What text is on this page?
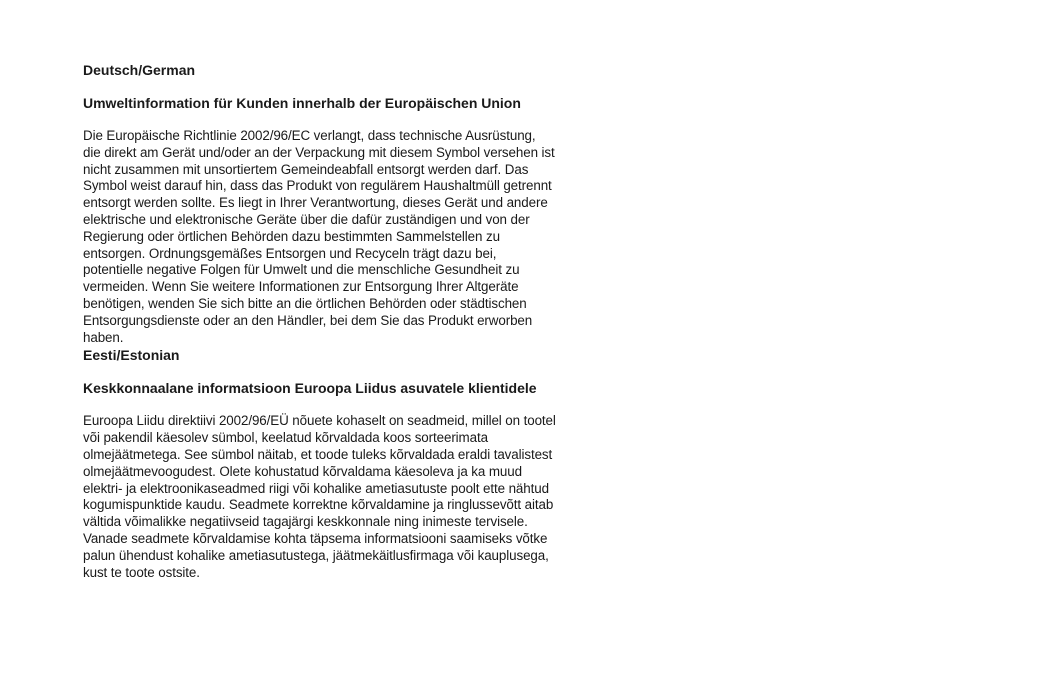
Deutsch/German

Umweltinformation für Kunden innerhalb der Europäischen Union

Die Europäische Richtlinie 2002/96/EC verlangt, dass technische Ausrüstung,
die direkt am Gerät und/oder an der Verpackung mit diesem Symbol versehen ist
nicht zusammen mit unsortiertem Gemeindeabfall entsorgt werden darf. Das
Symbol weist darauf hin, dass das Produkt von regulärem Haushaltmüll getrennt
entsorgt werden sollte. Es liegt in Ihrer Verantwortung, dieses Gerät und andere
elektrische und elektronische Geräte über die dafür zuständigen und von der
Regierung oder örtlichen Behörden dazu bestimmten Sammelstellen zu
entsorgen. Ordnungsgemäßes Entsorgen und Recyceln trägt dazu bei,
potentielle negative Folgen für Umwelt und die menschliche Gesundheit zu
vermeiden. Wenn Sie weitere Informationen zur Entsorgung Ihrer Altgeräte
benötigen, wenden Sie sich bitte an die örtlichen Behörden oder städtischen
Entsorgungsdienste oder an den Händler, bei dem Sie das Produkt erworben
haben.

Eesti/Estonian

Keskkonnaalane informatsioon Euroopa Liidus asuvatele klientidele

Euroopa Liidu direktiivi 2002/96/EÜ nõuete kohaselt on seadmeid, millel on tootel
või pakendil käesolev sümbol, keelatud kõrvaldada koos sorteerimata
olmejäätmetega. See sümbol näitab, et toode tuleks kõrvaldada eraldi tavalistest
olmejäätmevoogudest. Olete kohustatud kõrvaldama käesoleva ja ka muud
elektri- ja elektroonikaseadmed riigi või kohalike ametiasutuste poolt ette nähtud
kogumispunktide kaudu. Seadmete korrektne kõrvaldamine ja ringlussevõtt aitab
vältida võimalikke negatiivseid tagajärgi keskkonnale ning inimeste tervisele.
Vanade seadmete kõrvaldamise kohta täpsema informatsiooni saamiseks võtke
palun ühendust kohalike ametiasutustega, jäätmekäitlusfirmaga või kauplusega,
kust te toote ostsite.
